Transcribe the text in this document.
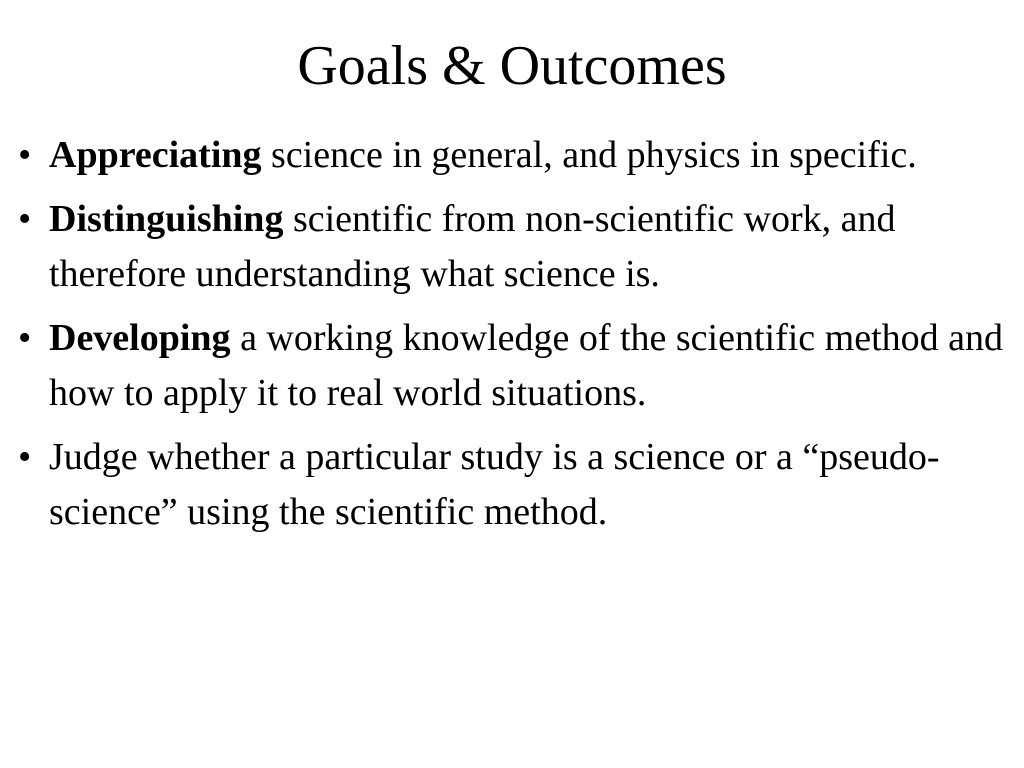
Goals & Outcomes
• Appreciating science in general, and physics in specific.
• Distinguishing scientific from non-scientific work, and therefore understanding what science is.
• Developing a working knowledge of the scientific method and how to apply it to real world situations.
• Judge whether a particular study is a science or a “pseudo-science” using the scientific method.
